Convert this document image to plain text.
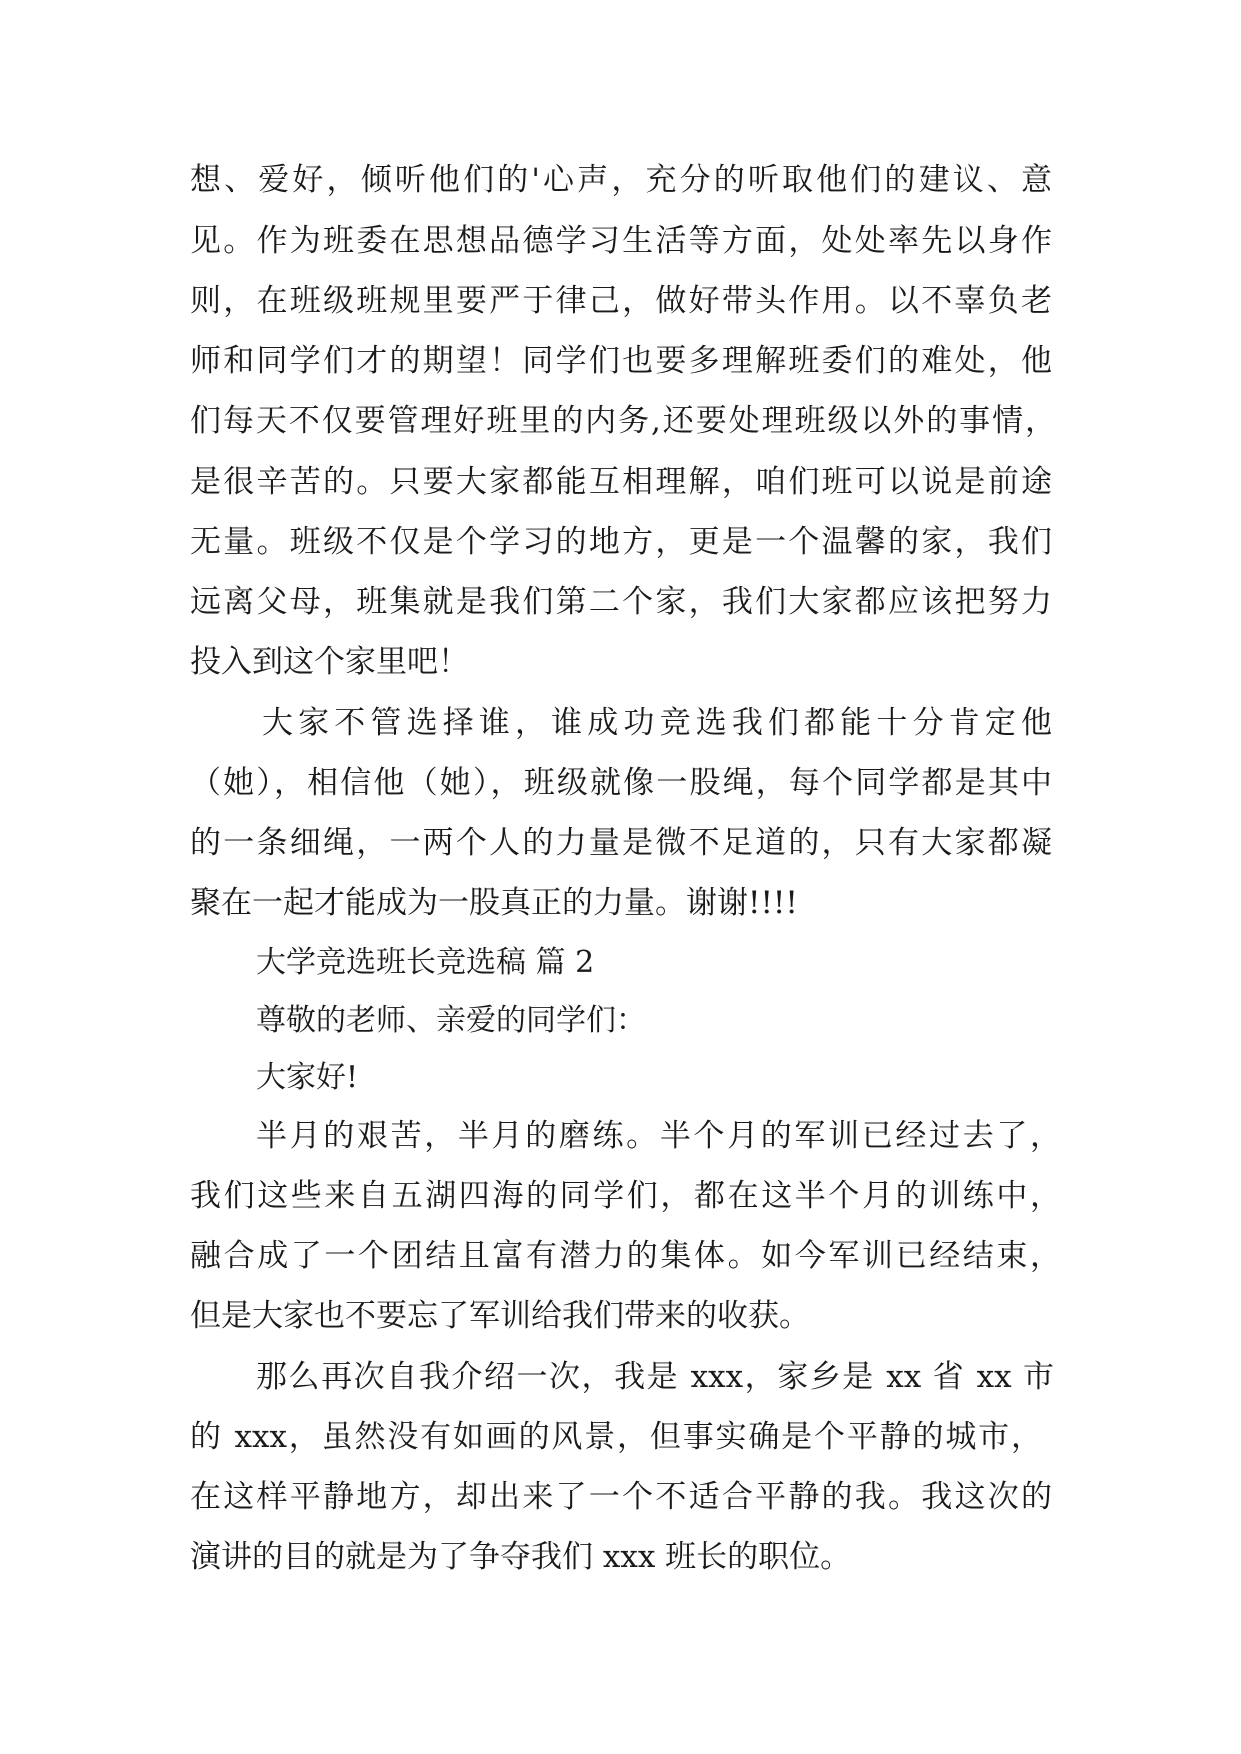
想、爱好，倾听他们的'心声，充分的听取他们的建议、意
见。作为班委在思想品德学习生活等方面，处处率先以身作
则，在班级班规里要严于律己，做好带头作用。以不辜负老
师和同学们才的期望！同学们也要多理解班委们的难处，他
们每天不仅要管理好班里的内务,还要处理班级以外的事情，
是很辛苦的。只要大家都能互相理解，咱们班可以说是前途
无量。班级不仅是个学习的地方，更是一个温馨的家，我们
远离父母，班集就是我们第二个家，我们大家都应该把努力
投入到这个家里吧！
大家不管选择谁，谁成功竞选我们都能十分肯定他
（她），相信他（她），班级就像一股绳，每个同学都是其中
的一条细绳，一两个人的力量是微不足道的，只有大家都凝
聚在一起才能成为一股真正的力量。谢谢!!!!
大学竞选班长竞选稿 篇 2
尊敬的老师、亲爱的同学们：
大家好!
半月的艰苦，半月的磨练。半个月的军训已经过去了，
我们这些来自五湖四海的同学们，都在这半个月的训练中，
融合成了一个团结且富有潜力的集体。如今军训已经结束，
但是大家也不要忘了军训给我们带来的收获。
那么再次自我介绍一次，我是 xxx，家乡是 xx 省 xx 市
的 xxx，虽然没有如画的风景，但事实确是个平静的城市，
在这样平静地方，却出来了一个不适合平静的我。我这次的
演讲的目的就是为了争夺我们 xxx 班长的职位。
